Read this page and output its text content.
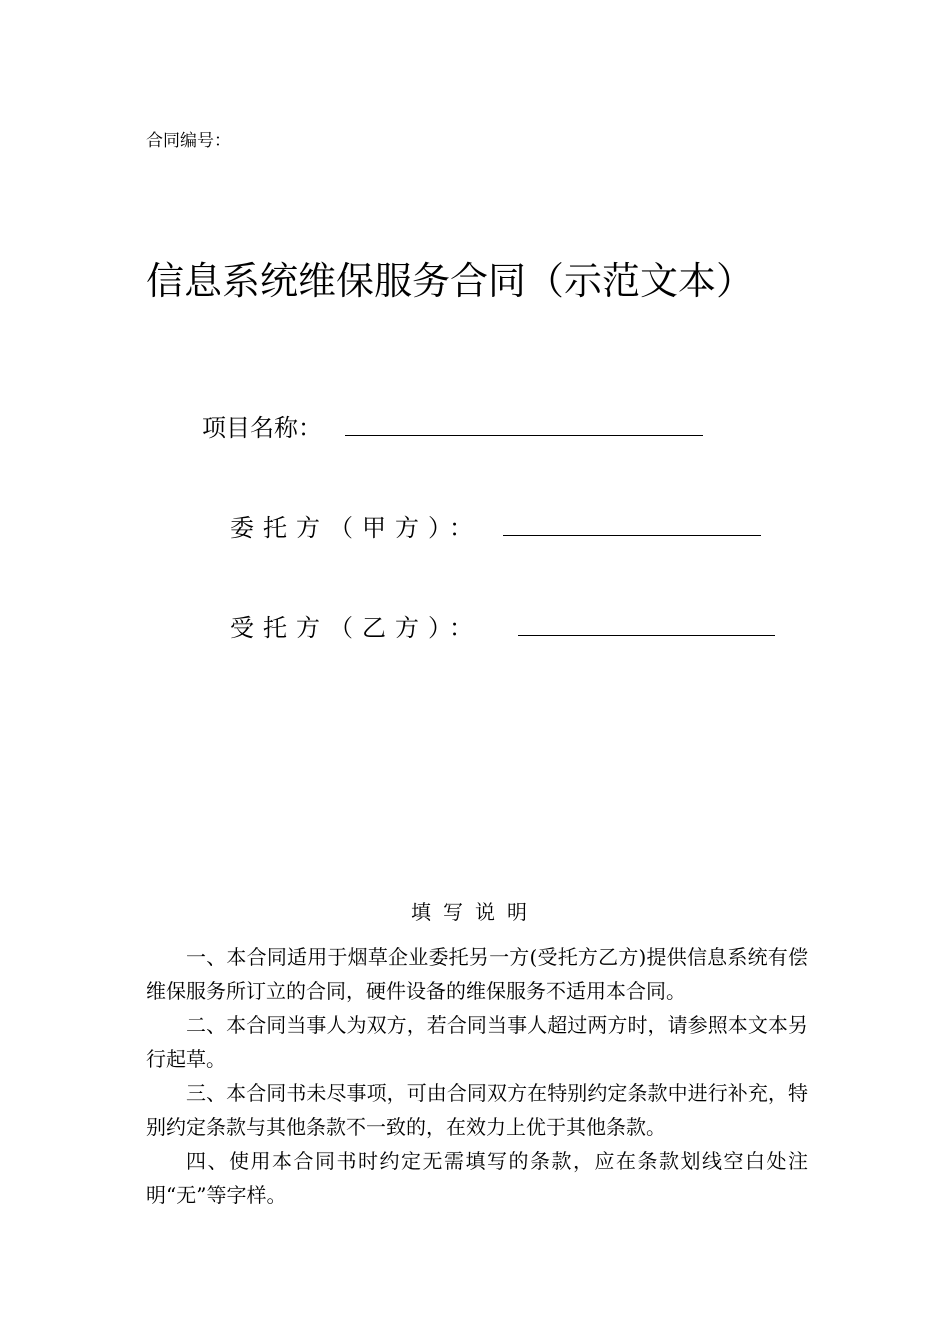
合同编号：
信息系统维保服务合同（示范文本）
项目名称：
委托方（甲方）：
受托方（乙方）：
填写说明

一、本合同适用于烟草企业委托另一方(受托方乙方)提供信息系统有偿维保服务所订立的合同，硬件设备的维保服务不适用本合同。

二、本合同当事人为双方，若合同当事人超过两方时，请参照本文本另行起草。

三、本合同书未尽事项，可由合同双方在特别约定条款中进行补充，特别约定条款与其他条款不一致的，在效力上优于其他条款。

四、使用本合同书时约定无需填写的条款，应在条款划线空白处注明“无”等字样。
